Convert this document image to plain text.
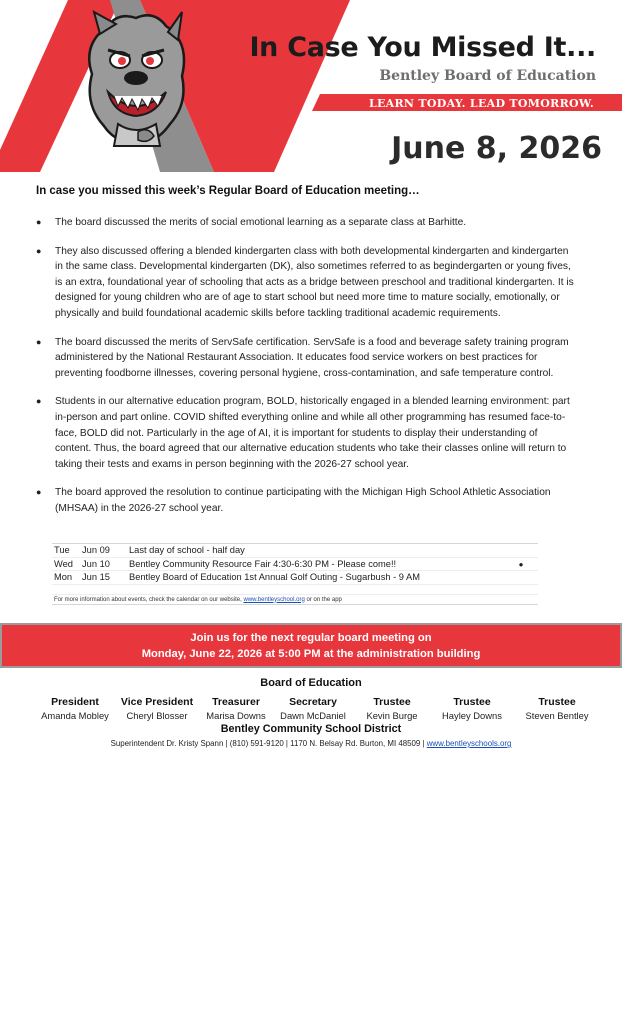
In Case You Missed It...
Bentley Board of Education
LEARN TODAY. LEAD TOMORROW.
June 8, 2026
In case you missed this week’s Regular Board of Education meeting…
● The board discussed the merits of social emotional learning as a separate class at Barhitte.
● They also discussed offering a blended kindergarten class with both developmental kindergarten and kindergarten in the same class. Developmental kindergarten (DK), also sometimes referred to as begindergarten or young fives, is an extra, foundational year of schooling that acts as a bridge between preschool and traditional kindergarten. It is designed for young children who are of age to start school but need more time to mature socially, emotionally, or physically and build foundational academic skills before tackling traditional academic requirements.
● The board discussed the merits of ServSafe certification. ServSafe is a food and beverage safety training program administered by the National Restaurant Association. It educates food service workers on best practices for preventing foodborne illnesses, covering personal hygiene, cross-contamination, and safe temperature control.
● Students in our alternative education program, BOLD, historically engaged in a blended learning environment: part in-person and part online. COVID shifted everything online and while all other programming has resumed face-to-face, BOLD did not. Particularly in the age of AI, it is important for students to display their understanding of content. Thus, the board agreed that our alternative education students who take their classes online will return to taking their tests and exams in person beginning with the 2026-27 school year.
● The board approved the resolution to continue participating with the Michigan High School Athletic Association (MHSAA) in the 2026-27 school year.
Tue	Jun 09	Last day of school - half day
Wed Jun 10	Bentley Community Resource Fair 4:30-6:30 PM - Please come!!	●
Mon	Jun 15	Bentley Board of Education 1st Annual Golf Outing - Sugarbush - 9 AM
For more information about events, check the calendar on our website, www.bentleyschool.org or on the app
Join us for the next regular board meeting on
Monday, June 22, 2026 at 5:00 PM at the administration building
Board of Education
President
Amanda Mobley
Vice President
Cheryl Blosser
Treasurer
Marisa Downs
Secretary
Dawn McDaniel
Trustee
Kevin Burge
Trustee
Hayley Downs
Trustee
Steven Bentley
Bentley Community School District
Superintendent Dr. Kristy Spann | (810) 591-9120 | 1170 N. Belsay Rd. Burton, MI 48509 | www.bentleyschools.org
